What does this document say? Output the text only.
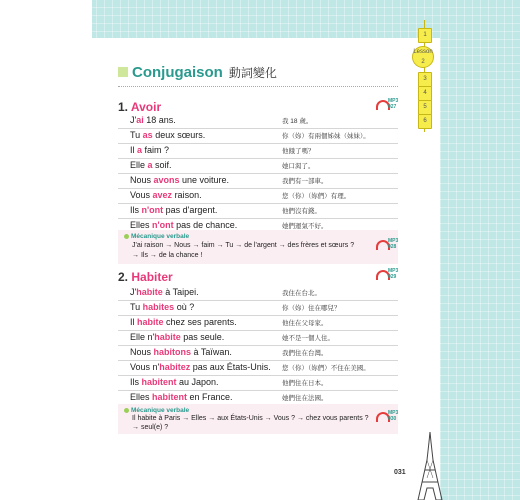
1
Lesson 2
3
4
5
6
Conjugaison 動詞變化
1. Avoir	MP3 027
J'ai 18 ans.	我 18 歲。
Tu as deux sœurs.	你（妳）有兩個姊妹（妹妹）。
Il a faim ?	他餓了嗎？
Elle a soif.	她口渴了。
Nous avons une voiture.	我們有一部車。
Vous avez raison.	您（你）（妳們）有理。
Ils n'ont pas d'argent.	他們沒有錢。
Elles n'ont pas de chance.	她們運氣不好。
Mécanique verbale
J'ai raison → Nous → faim → Tu → de l'argent → des frères et sœurs ?
→ Ils → de la chance !
MP3 028
2. Habiter	MP3 029
J'habite à Taipei.	我住在台北。
Tu habites où ?	你（妳）住在哪兒？
Il habite chez ses parents.	他住在父母家。
Elle n'habite pas seule.	她不是一個人住。
Nous habitons à Taïwan.	我們住在台灣。
Vous n'habitez pas aux États-Unis. 您（你）（妳們）不住在美國。
Ils habitent au Japon.	他們住在日本。
Elles habitent en France.	她們住在法國。
Mécanique verbale
Il habite à Paris → Elles → aux États-Unis → Vous ? → chez vous parents ?
→ seul(e) ?
MP3 030
031
